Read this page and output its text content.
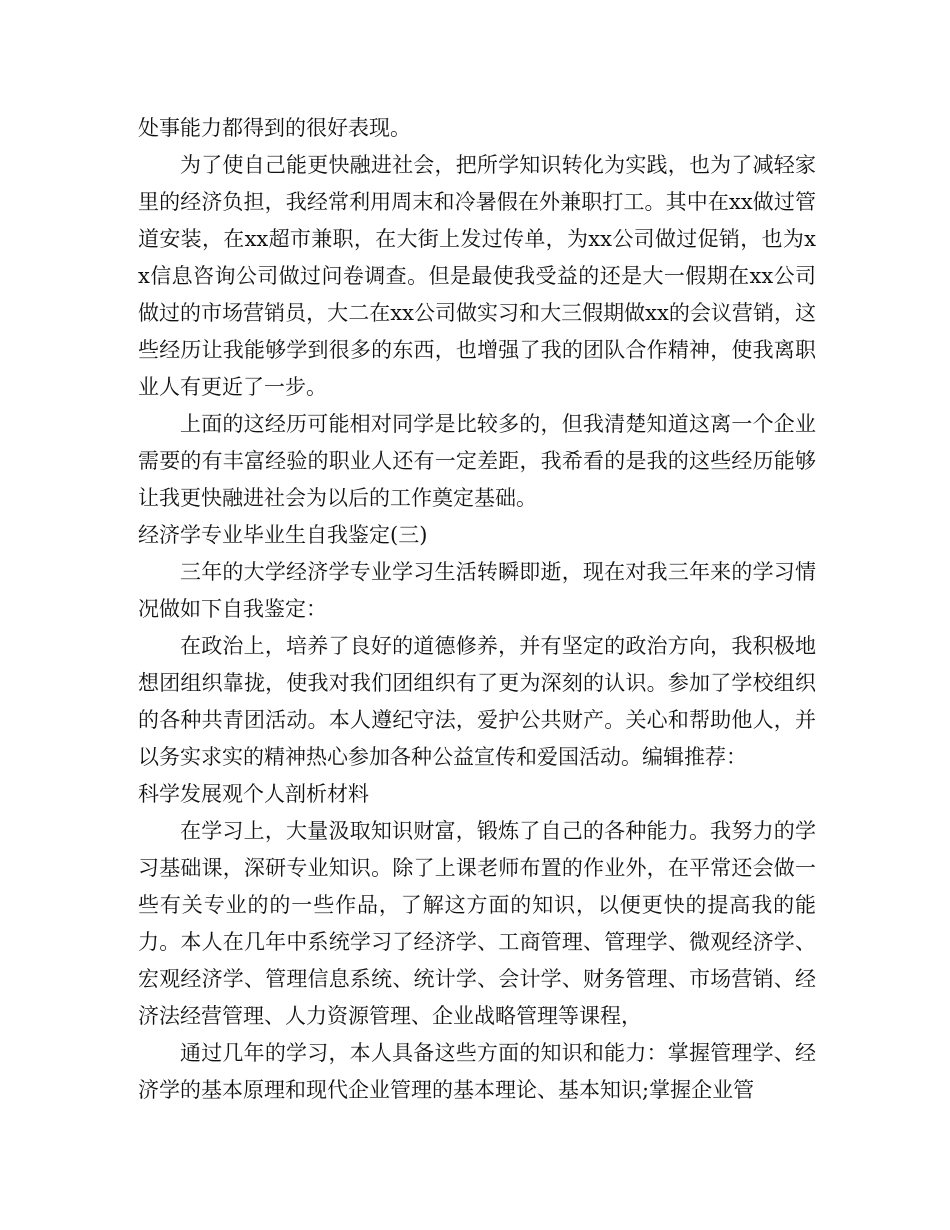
处事能力都得到的很好表现。

为了使自己能更快融进社会，把所学知识转化为实践，也为了减轻家里的经济负担，我经常利用周末和冷暑假在外兼职打工。其中在xx做过管道安装，在xx超市兼职，在大街上发过传单，为xx公司做过促销，也为xx信息咨询公司做过问卷调查。但是最使我受益的还是大一假期在xx公司做过的市场营销员，大二在xx公司做实习和大三假期做xx的会议营销，这些经历让我能够学到很多的东西，也增强了我的团队合作精神，使我离职业人有更近了一步。

上面的这经历可能相对同学是比较多的，但我清楚知道这离一个企业需要的有丰富经验的职业人还有一定差距，我希看的是我的这些经历能够让我更快融进社会为以后的工作奠定基础。

经济学专业毕业生自我鉴定(三)

三年的大学经济学专业学习生活转瞬即逝，现在对我三年来的学习情况做如下自我鉴定：

在政治上，培养了良好的道德修养，并有坚定的政治方向，我积极地想团组织靠拢，使我对我们团组织有了更为深刻的认识。参加了学校组织的各种共青团活动。本人遵纪守法，爱护公共财产。关心和帮助他人，并以务实求实的精神热心参加各种公益宣传和爱国活动。编辑推荐：

科学发展观个人剖析材料

在学习上，大量汲取知识财富，锻炼了自己的各种能力。我努力的学习基础课，深研专业知识。除了上课老师布置的作业外，在平常还会做一些有关专业的的一些作品，了解这方面的知识，以便更快的提高我的能力。本人在几年中系统学习了经济学、工商管理、管理学、微观经济学、宏观经济学、管理信息系统、统计学、会计学、财务管理、市场营销、经济法经营管理、人力资源管理、企业战略管理等课程，

通过几年的学习，本人具备这些方面的知识和能力：掌握管理学、经济学的基本原理和现代企业管理的基本理论、基本知识;掌握企业管
